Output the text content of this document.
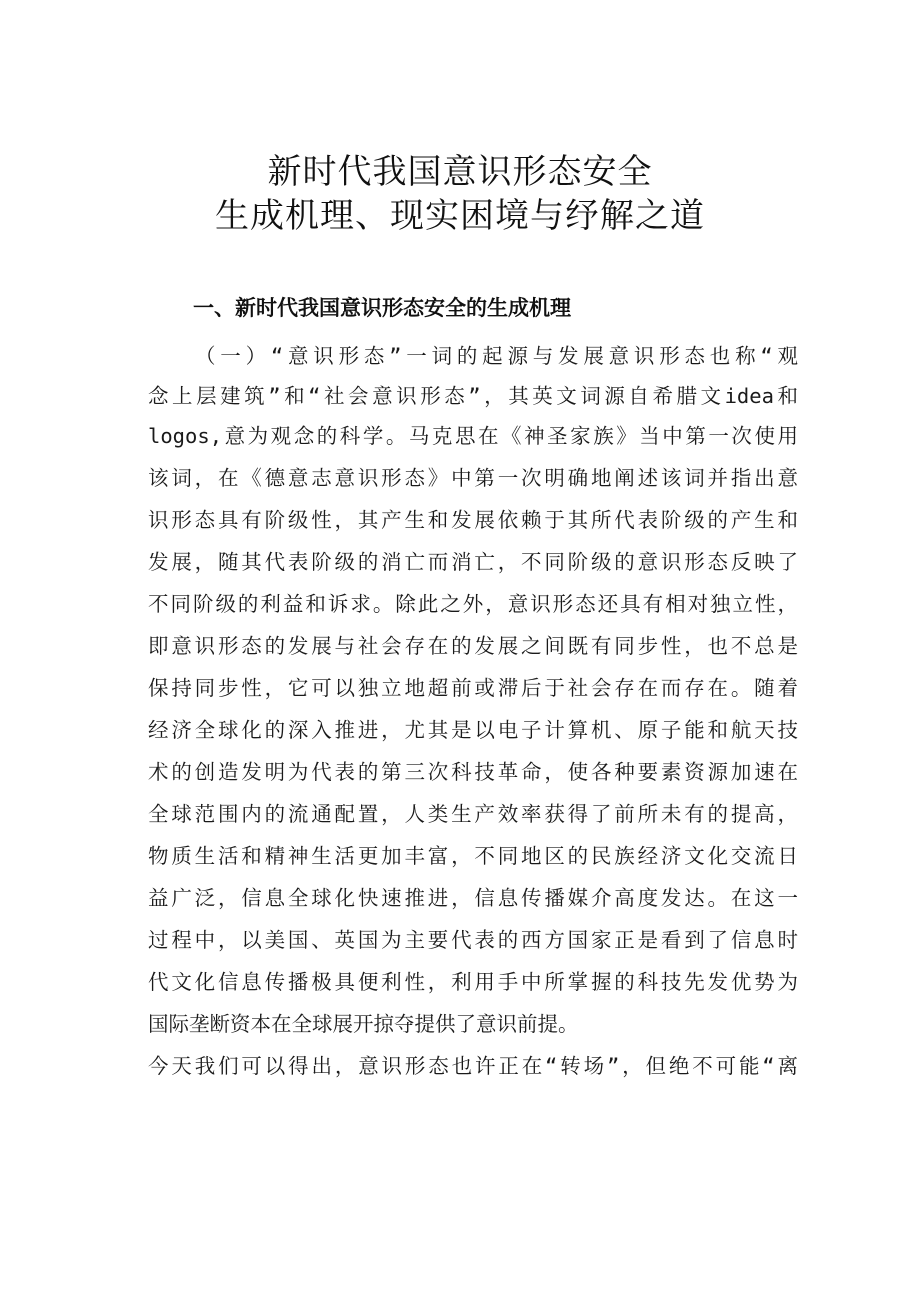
新时代我国意识形态安全
生成机理、现实困境与纾解之道
一、新时代我国意识形态安全的生成机理
（一）“意识形态”一词的起源与发展意识形态也称“观
念上层建筑”和“社会意识形态”，其英文词源自希腊文idea和
logos,意为观念的科学。马克思在《神圣家族》当中第一次使用
该词，在《德意志意识形态》中第一次明确地阐述该词并指出意
识形态具有阶级性，其产生和发展依赖于其所代表阶级的产生和
发展，随其代表阶级的消亡而消亡，不同阶级的意识形态反映了
不同阶级的利益和诉求。除此之外，意识形态还具有相对独立性，
即意识形态的发展与社会存在的发展之间既有同步性，也不总是
保持同步性，它可以独立地超前或滞后于社会存在而存在。随着
经济全球化的深入推进，尤其是以电子计算机、原子能和航天技
术的创造发明为代表的第三次科技革命，使各种要素资源加速在
全球范围内的流通配置，人类生产效率获得了前所未有的提高，
物质生活和精神生活更加丰富，不同地区的民族经济文化交流日
益广泛，信息全球化快速推进，信息传播媒介高度发达。在这一
过程中，以美国、英国为主要代表的西方国家正是看到了信息时
代文化信息传播极具便利性，利用手中所掌握的科技先发优势为
国际垄断资本在全球展开掠夺提供了意识前提。
今天我们可以得出，意识形态也许正在“转场”，但绝不可能“离
